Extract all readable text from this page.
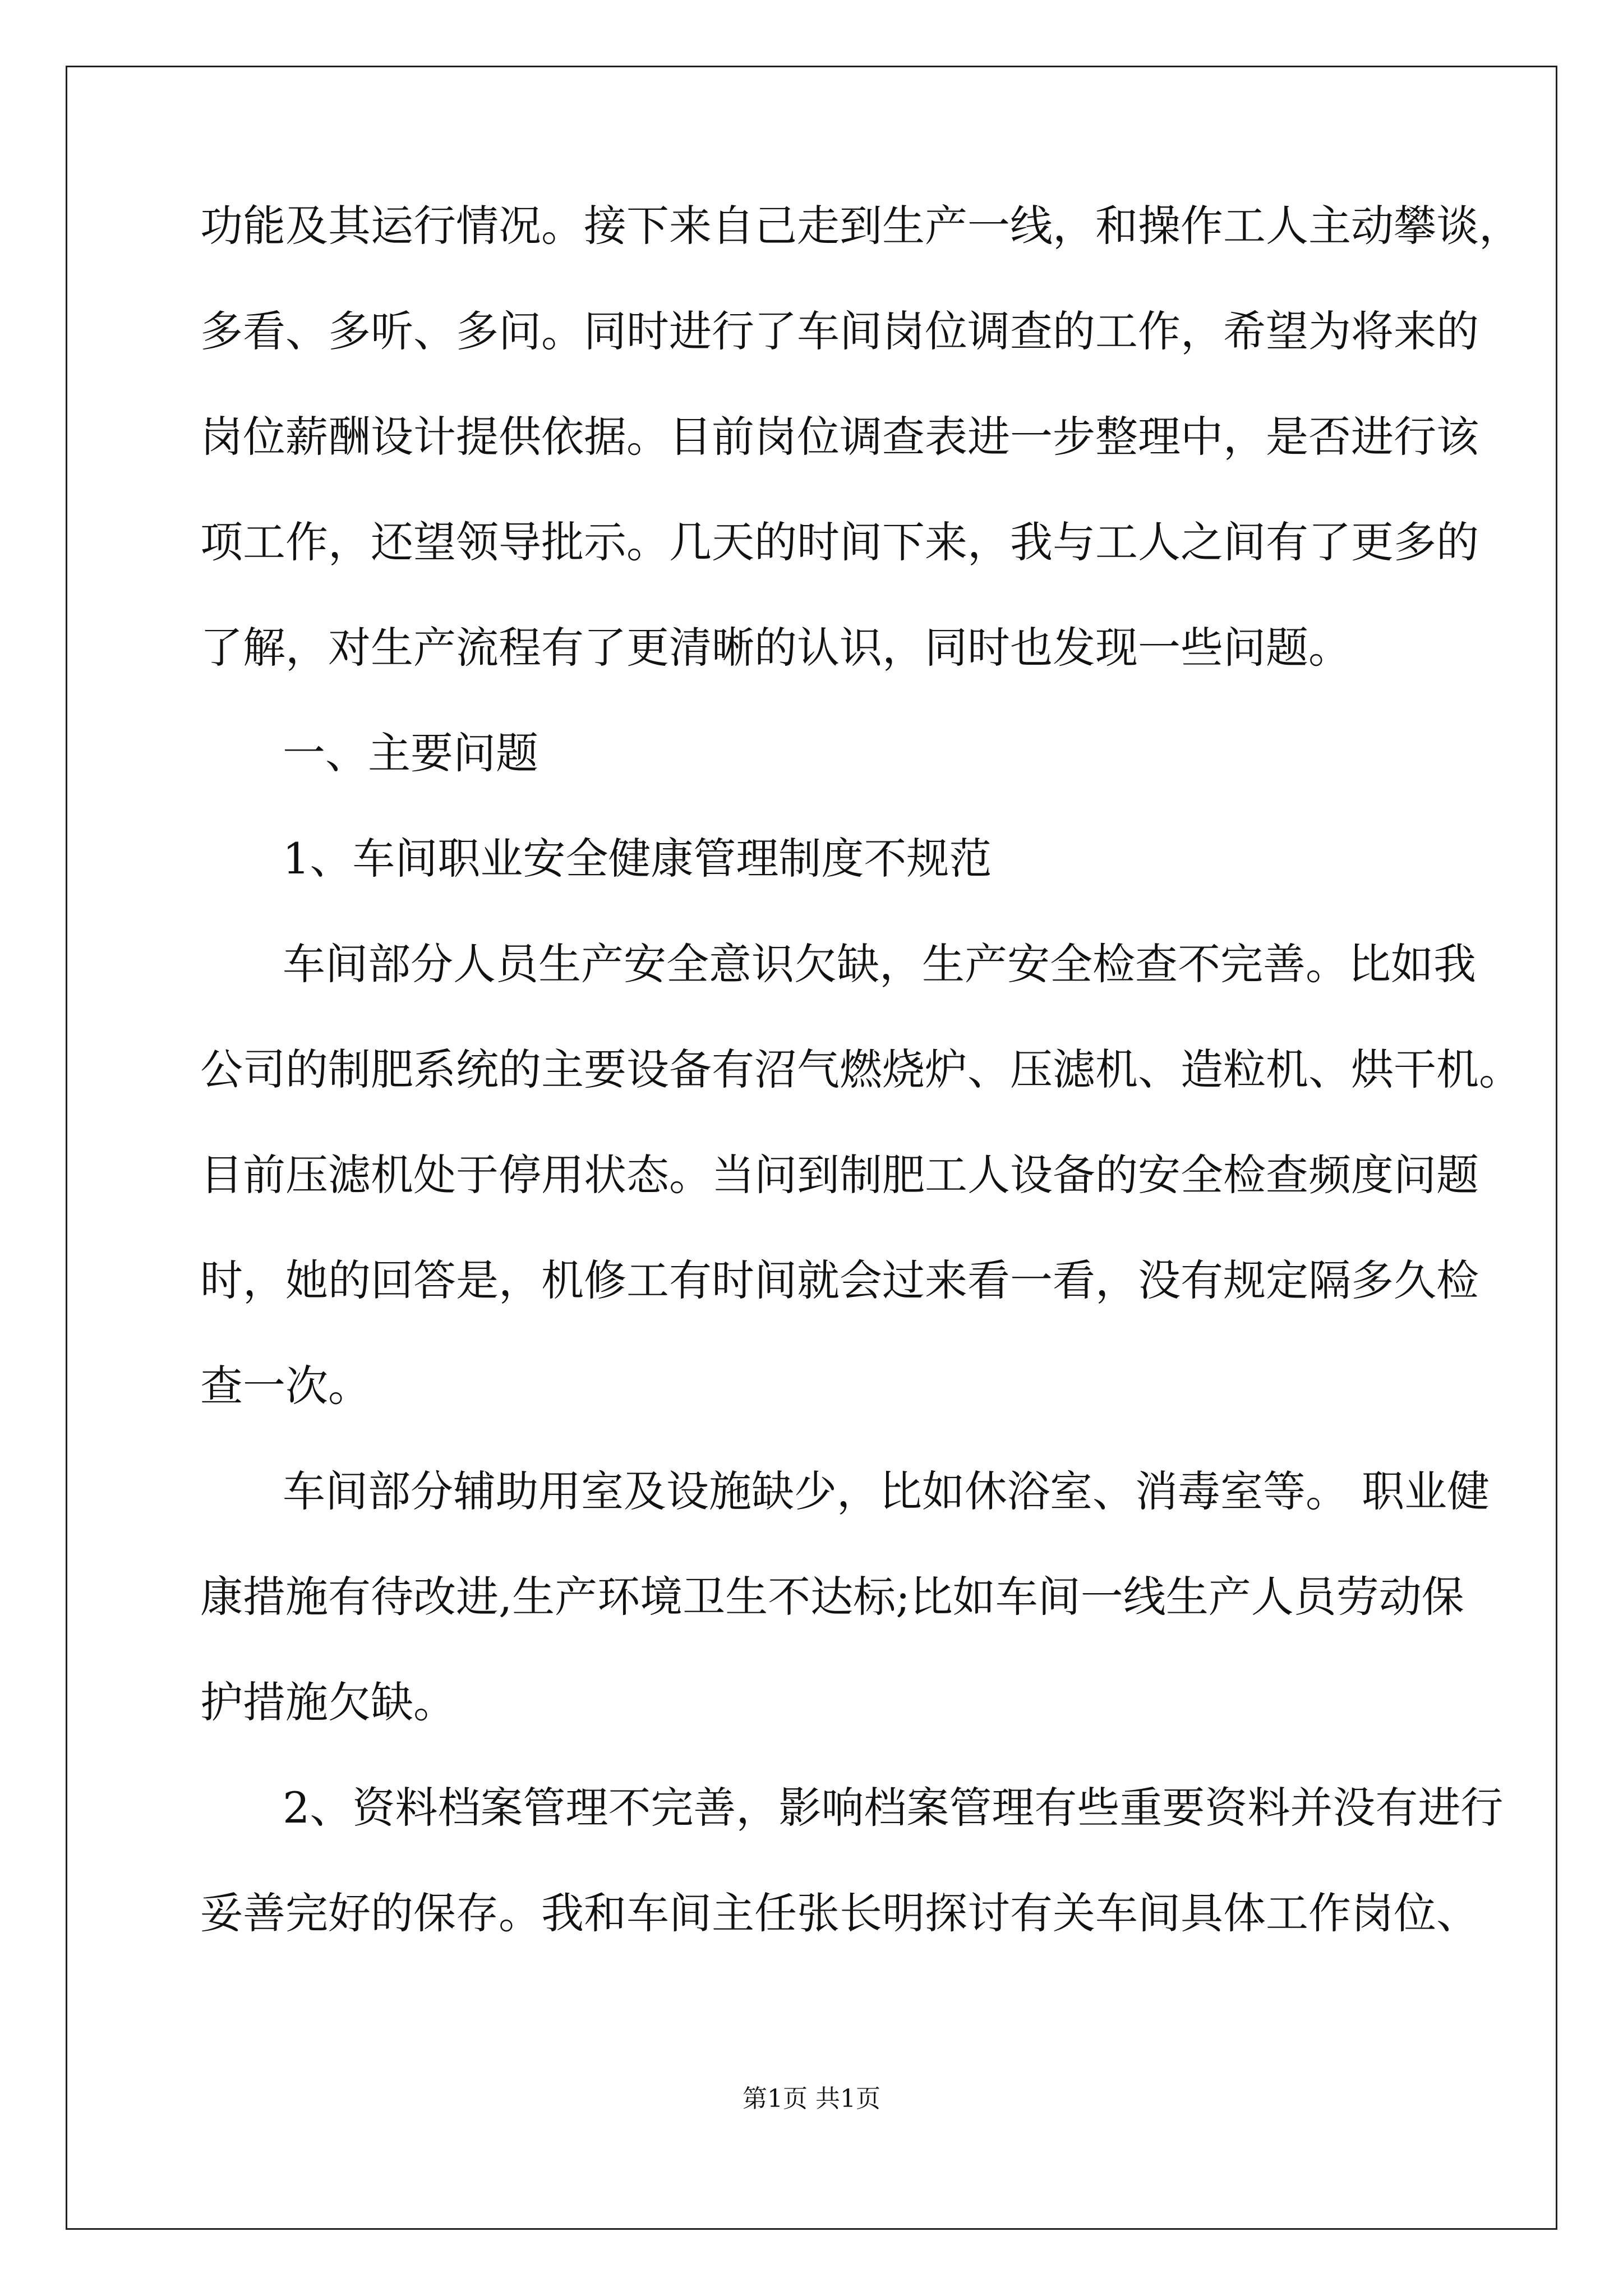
功能及其运行情况。接下来自己走到生产一线，和操作工人主动攀谈，
多看、多听、多问。同时进行了车间岗位调查的工作，希望为将来的
岗位薪酬设计提供依据。目前岗位调查表进一步整理中，是否进行该
项工作，还望领导批示。几天的时间下来，我与工人之间有了更多的
了解，对生产流程有了更清晰的认识，同时也发现一些问题。
一、主要问题
1、车间职业安全健康管理制度不规范
车间部分人员生产安全意识欠缺，生产安全检查不完善。比如我
公司的制肥系统的主要设备有沼气燃烧炉、压滤机、造粒机、烘干机。
目前压滤机处于停用状态。当问到制肥工人设备的安全检查频度问题
时，她的回答是，机修工有时间就会过来看一看，没有规定隔多久检
查一次。
车间部分辅助用室及设施缺少，比如休浴室、消毒室等。 职业健
康措施有待改进,生产环境卫生不达标;比如车间一线生产人员劳动保
护措施欠缺。
2、资料档案管理不完善，影响档案管理有些重要资料并没有进行
妥善完好的保存。我和车间主任张长明探讨有关车间具体工作岗位、
第1页 共1页
